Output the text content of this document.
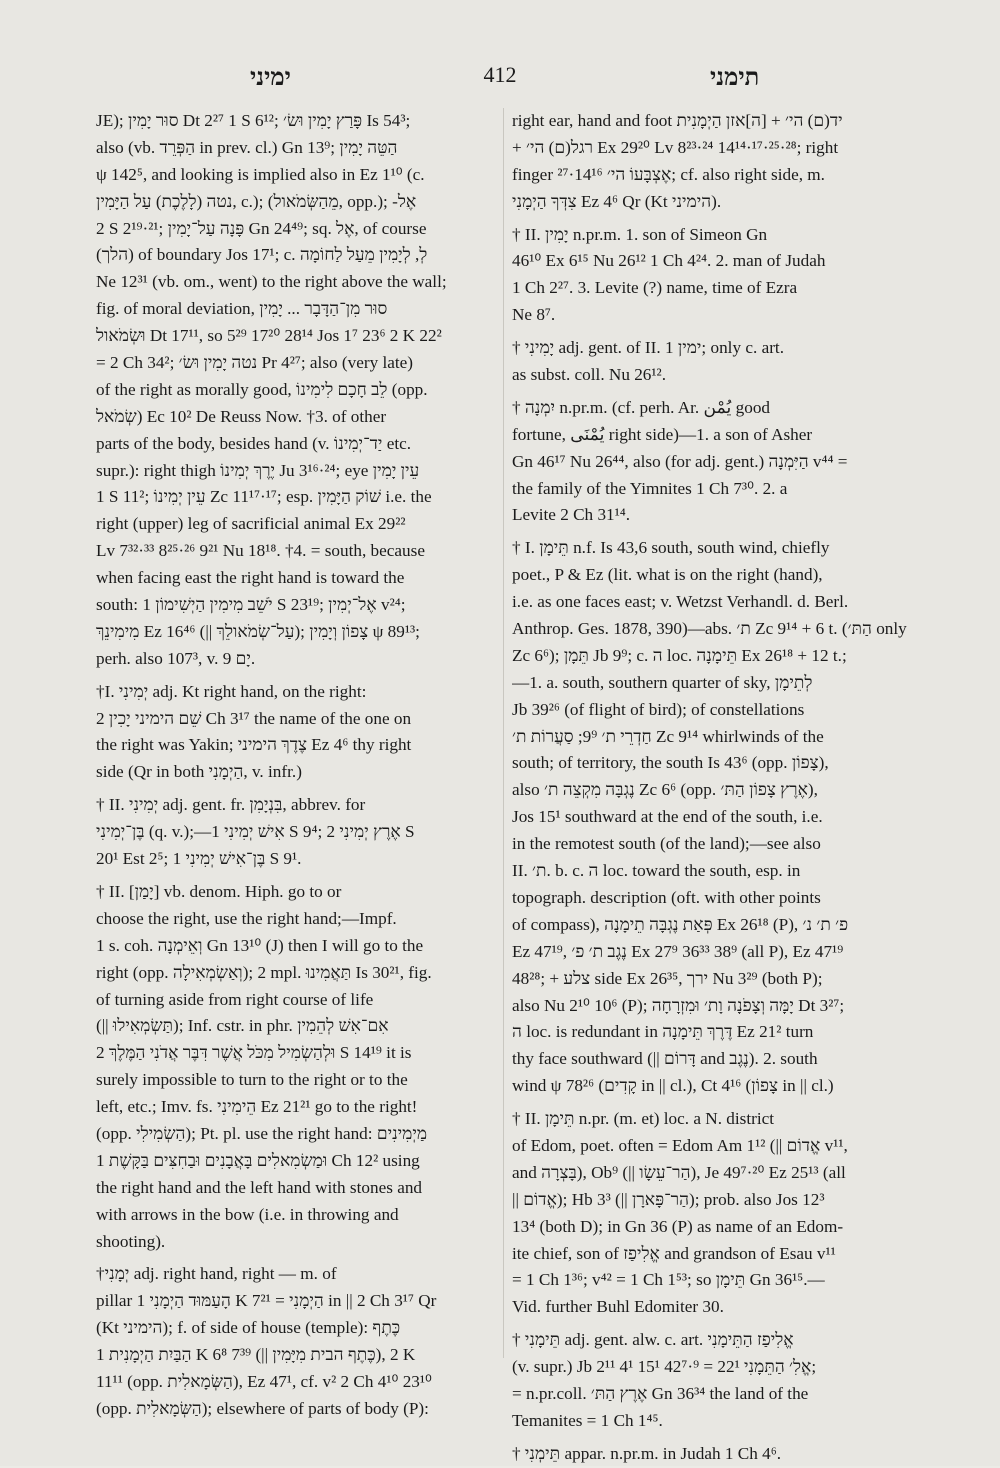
ימיני	412	תימני
JE); סוּר יָמִין Dt 2²⁷ 1 S 6¹²; פָּרַץ יָמִין וּשׂ׳ Is 54³;
also (vb. הַפְּרֵד in prev. cl.) Gn 13⁹; הַטֵּה יָמִין
ψ 142⁵, and looking is implied also in Ez 1¹⁰ (c.
נטה (לָלֶכֶת) עַל הַיָּמִין, c.); (מֵהַשְּׂמֹאול, opp.); -אֶל
2 S 2¹⁹·²¹; פָּנָה עַל־יָמִין Gn 24⁴⁹; sq. אֶל, of course
(הלך) of boundary Jos 17¹; c. לְ, לְיָמִין מֵעַל לַחוֹמָה
Ne 12³¹ (vb. om., went) to the right above the wall;
fig. of moral deviation, סוּר מִן־הַדָּבָר ... יָמִין
וּשְׂמֹאול Dt 17¹¹, so 5²⁹ 17²⁰ 28¹⁴ Jos 1⁷ 23⁶ 2 K 22²
= 2 Ch 34²; נטה יָמִין וּשׂ׳ Pr 4²⁷; also (very late)
of the right as morally good, לֵב חָכָם לִימִינוֹ (opp.
שְׂמֹאל) Ec 10² De Reuss Now. †3. of other
parts of the body, besides hand (v. יַד־יְמִינוֹ etc.
supr.): right thigh יֶרֶךְ יְמִינוֹ Ju 3¹⁶·²⁴; eye עֵין יָמִין
1 S 11²; עֵין יְמִינוֹ Zc 11¹⁷·¹⁷; esp. שׁוֹק הַיָּמִין i.e. the
right (upper) leg of sacrificial animal Ex 29²²
Lv 7³²·³³ 8²⁵·²⁶ 9²¹ Nu 18¹⁸. †4. = south, because
when facing east the right hand is toward the
south: יֹשֵׁב מִימִין הַיְשִׁימוֹן 1 S 23¹⁹; אֶל־יְמִין v²⁴;
מִימִינֵךְ Ez 16⁴⁶ (|| עַל־שְׂמֹאולֵךְ); צָפוֹן וְיָמִין ψ 89¹³;
perh. also 107³, v. יָם 9.
†I. יְמִינִי adj. Kt right hand, on the right:
שֵׁם הימיני יָכִין 2 Ch 3¹⁷ the name of the one on
the right was Yakin; צֶדֶךְ הימיני Ez 4⁶ thy right
side (Qr in both הַיְמָנִי, v. infr.)
† II. יְמִינִי adj. gent. fr. בִּנְיָמִן, abbrev. for
בֶּן־יְמִינִי (q. v.);—אִישׁ יְמִינִי 1 S 9⁴; אֶרֶץ יְמִינִי 2 S
20¹ Est 2⁵; בֶּן־אִישׁ יְמִינִי 1 S 9¹.
† II. [יָמַן] vb. denom. Hiph. go to or
choose the right, use the right hand;—Impf.
1 s. coh. וְאֵימְנָה Gn 13¹⁰ (J) then I will go to the
right (opp. וְאַשְׂמְאִילָה); 2 mpl. תַּאֲמִינוּ Is 30²¹, fig.
of turning aside from right course of life
(|| תַּשְׂמְאִילוּ); Inf. cstr. in phr. אִם־אִשׁ לְהֵמִין
וּלְהַשְׂמִיל מִכֹּל אֲשֶׁר דִּבֶּר אֲדֹנִי הַמֶּלֶךְ 2 S 14¹⁹ it is
surely impossible to turn to the right or to the
left, etc.; Imv. fs. הֵימִינִי Ez 21²¹ go to the right!
(opp. הַשְׂמִילִי); Pt. pl. use the right hand: מַיְמִינִים
וּמַשְׂמִאלִים בָּאֲבָנִים וּבַחִצִּים בַּקָּשֶׁת 1 Ch 12² using
the right hand and the left hand with stones and
with arrows in the bow (i.e. in throwing and
shooting).
†יְמָנִי adj. right hand, right — m. of
pillar הָעַמּוּד הַיְמָנִי 1 K 7²¹ = הַיְמָנִי in || 2 Ch 3¹⁷ Qr
(Kt הימיני); f. of side of house (temple): כֶּתֶף
הַבַּיִת הַיְמָנִית 1 K 6⁸ 7³⁹ (|| כֶּתֶף הבית מִיָּמִין), 2 K
11¹¹ (opp. הַשְּׂמָאלִית), Ez 47¹, cf. v² 2 Ch 4¹⁰ 23¹⁰
(opp. הַשְּׂמָאלִית); elsewhere of parts of body (P):
right ear, hand and foot יד(ם) הי׳ + [ה]אזן הַיְמָנִית
+ רגל(ם) הי׳ Ex 29²⁰ Lv 8²³·²⁴ 14¹⁴·¹⁷·²⁵·²⁸; right
finger אֶצְבָּעוֹ הי׳ 14¹⁶·²⁷; cf. also right side, m.
צִדְּךָ הַיְמָנִי Ez 4⁶ Qr (Kt הימיני).
† II. יָמִין n.pr.m. 1. son of Simeon Gn
46¹⁰ Ex 6¹⁵ Nu 26¹² 1 Ch 4²⁴. 2. man of Judah
1 Ch 2²⁷. 3. Levite (?) name, time of Ezra
Ne 8⁷.
† יָמִינִי adj. gent. of II. ימין 1; only c. art.
as subst. coll. Nu 26¹².
† יִמְנָה n.pr.m. (cf. perh. Ar. يُمْن good
fortune, يُمْنَى right side)—1. a son of Asher
Gn 46¹⁷ Nu 26⁴⁴, also (for adj. gent.) הַיִּמְנָה v⁴⁴ =
the family of the Yimnites 1 Ch 7³⁰. 2. a
Levite 2 Ch 31¹⁴.
† I. תֵּימָן n.f. Is 43,6 south, south wind, chiefly
poet., P & Ez (lit. what is on the right (hand),
i.e. as one faces east; v. Wetzst Verhandl. d. Berl.
Anthrop. Ges. 1878, 390)—abs. ת׳ Zc 9¹⁴ + 6 t. (הַתּ׳ only
Zc 6⁶); תֵּמָן Jb 9⁹; c. ה loc. תֵּימָנָה Ex 26¹⁸ + 12 t.;
—1. a. south, southern quarter of sky, לְתֵימָן
Jb 39²⁶ (of flight of bird); of constellations
חַדְרֵי ת׳ 9⁹; סַעֲרוֹת ת׳ Zc 9¹⁴ whirlwinds of the
south; of territory, the south Is 43⁶ (opp. צָפוֹן),
also נֶגְבָּה מִקְצֵה ת׳ Zc 6⁶ (opp. אֶרֶץ צָפוֹן הַתּ׳),
Jos 15¹ southward at the end of the south, i.e.
in the remotest south (of the land);—see also
II. ת׳. b. c. ה loc. toward the south, esp. in
topograph. description (oft. with other points
of compass), פְּאַת נֶגְבָּה תֵימָנָה Ex 26¹⁸ (P), פ׳ ת׳ נ׳
Ez 47¹⁹, נֶגֶב ת׳ פ׳ Ex 27⁹ 36³³ 38⁹ (all P), Ez 47¹⁹
48²⁸; + צלע side Ex 26³⁵, ירך Nu 3²⁹ (both P);
also Nu 2¹⁰ 10⁶ (P); יָמָּה וְצָפֹנָה וָת׳ וּמִזְרָחָה Dt 3²⁷;
ה loc. is redundant in דֶּרֶךְ תֵּימָנָה Ez 21² turn
thy face southward (|| דָּרוֹם and נֶגֶב). 2. south
wind ψ 78²⁶ (קָדִים in || cl.), Ct 4¹⁶ (צָפוֹן in || cl.)
† II. תֵּימָן n.pr. (m. et) loc. a N. district
of Edom, poet. often = Edom Am 1¹² (|| אֱדוֹם v¹¹,
and בָּצְרָה), Ob⁹ (|| הַר־עֵשָׂו), Je 49⁷·²⁰ Ez 25¹³ (all
|| אֱדוֹם); Hb 3³ (|| הַר־פָּארָן); prob. also Jos 12³
13⁴ (both D); in Gn 36 (P) as name of an Edom-
ite chief, son of אֱלִיפַז and grandson of Esau v¹¹
= 1 Ch 1³⁶; v⁴² = 1 Ch 1⁵³; so תֵּימָן Gn 36¹⁵.—
Vid. further Buhl Edomiter 30.
† תֵּימָנִי adj. gent. alw. c. art. אֱלִיפַז הַתֵּימָנִי
(v. supr.) Jb 2¹¹ 4¹ 15¹ 42⁷·⁹ = אֱלִ׳ הַתֵּמָנִי 22¹;
= n.pr.coll. אֶרֶץ הַתּ׳ Gn 36³⁴ the land of the
Temanites = 1 Ch 1⁴⁵.
† תֵּימְנִי appar. n.pr.m. in Judah 1 Ch 4⁶.
